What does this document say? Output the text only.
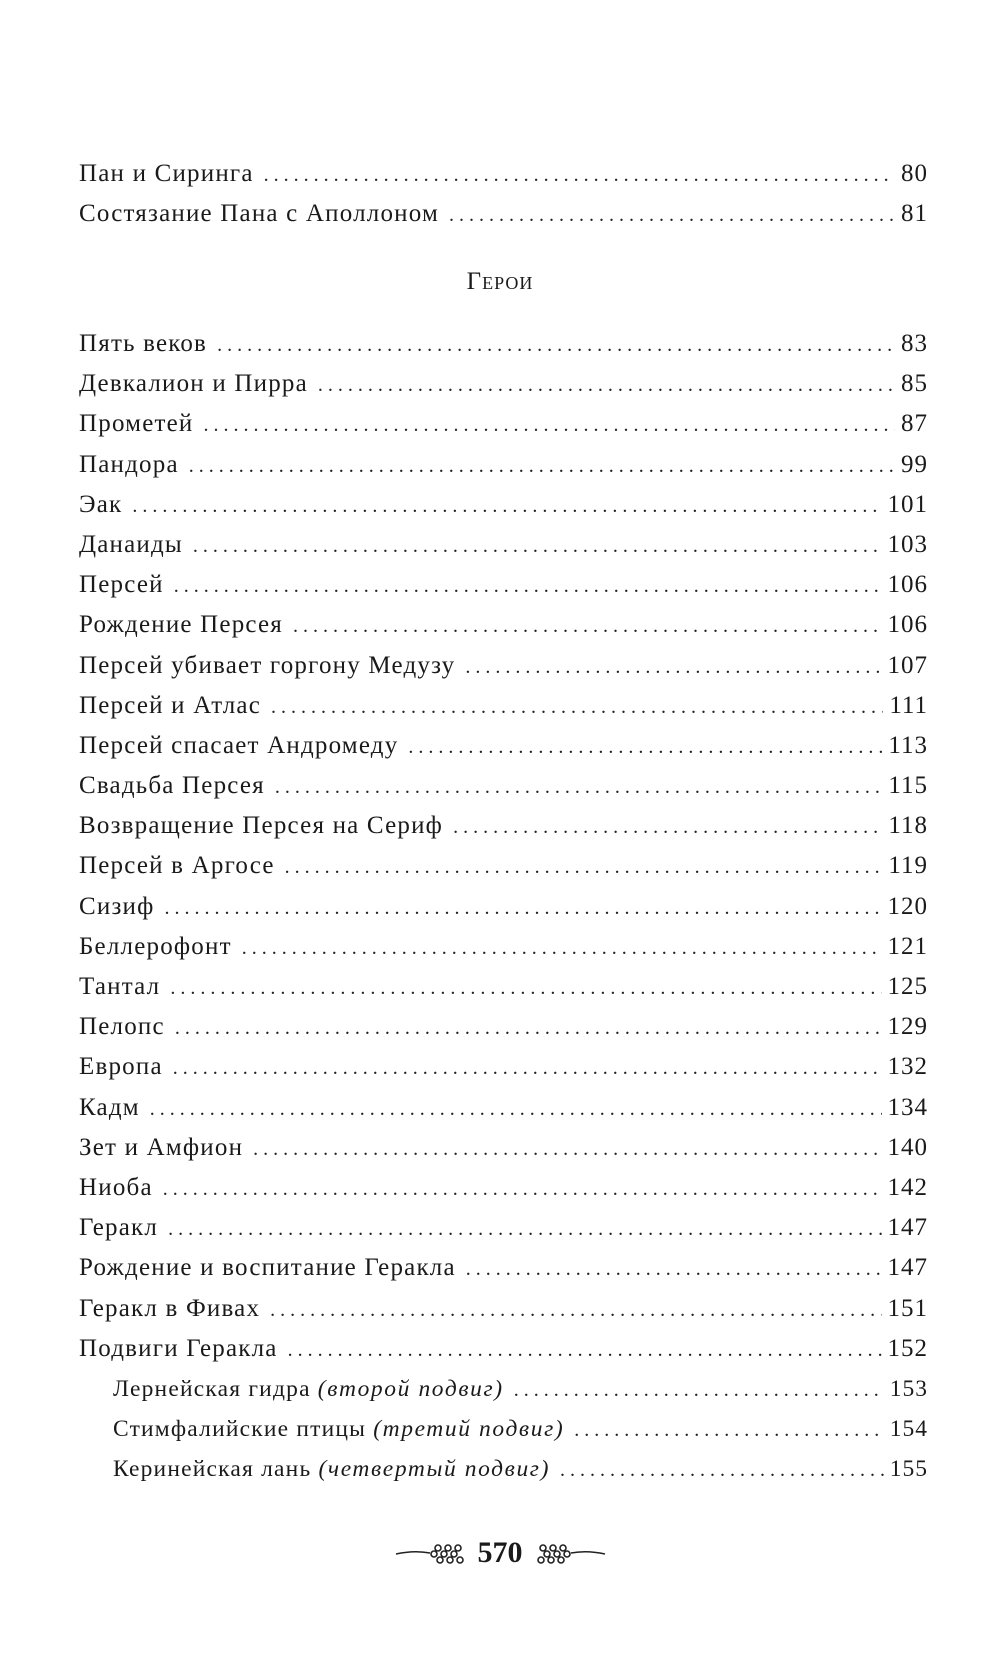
Пан и Сиринга . . .	80
Состязание Пана с Аполлоном . . .	81
Герои
Пять веков . . .	83
Девкалион и Пирра . . .	85
Прометей . . .	87
Пандора . . .	99
Эак . . .	101
Данаиды . . .	103
Персей . . .	106
Рождение Персея . . .	106
Персей убивает горгону Медузу . . .	107
Персей и Атлас . . .	111
Персей спасает Андромеду . . .	113
Свадьба Персея . . .	115
Возвращение Персея на Сериф . . .	118
Персей в Аргосе . . .	119
Сизиф . . .	120
Беллерофонт . . .	121
Тантал . . .	125
Пелопс . . .	129
Европа . . .	132
Кадм . . .	134
Зет и Амфион . . .	140
Ниоба . . .	142
Геракл . . .	147
Рождение и воспитание Геракла . . .	147
Геракл в Фивах . . .	151
Подвиги Геракла . . .	152
Лернейская гидра (второй подвиг) . . .	153
Стимфалийские птицы (третий подвиг) . . .	154
Керинейская лань (четвертый подвиг) . . .	155
570
